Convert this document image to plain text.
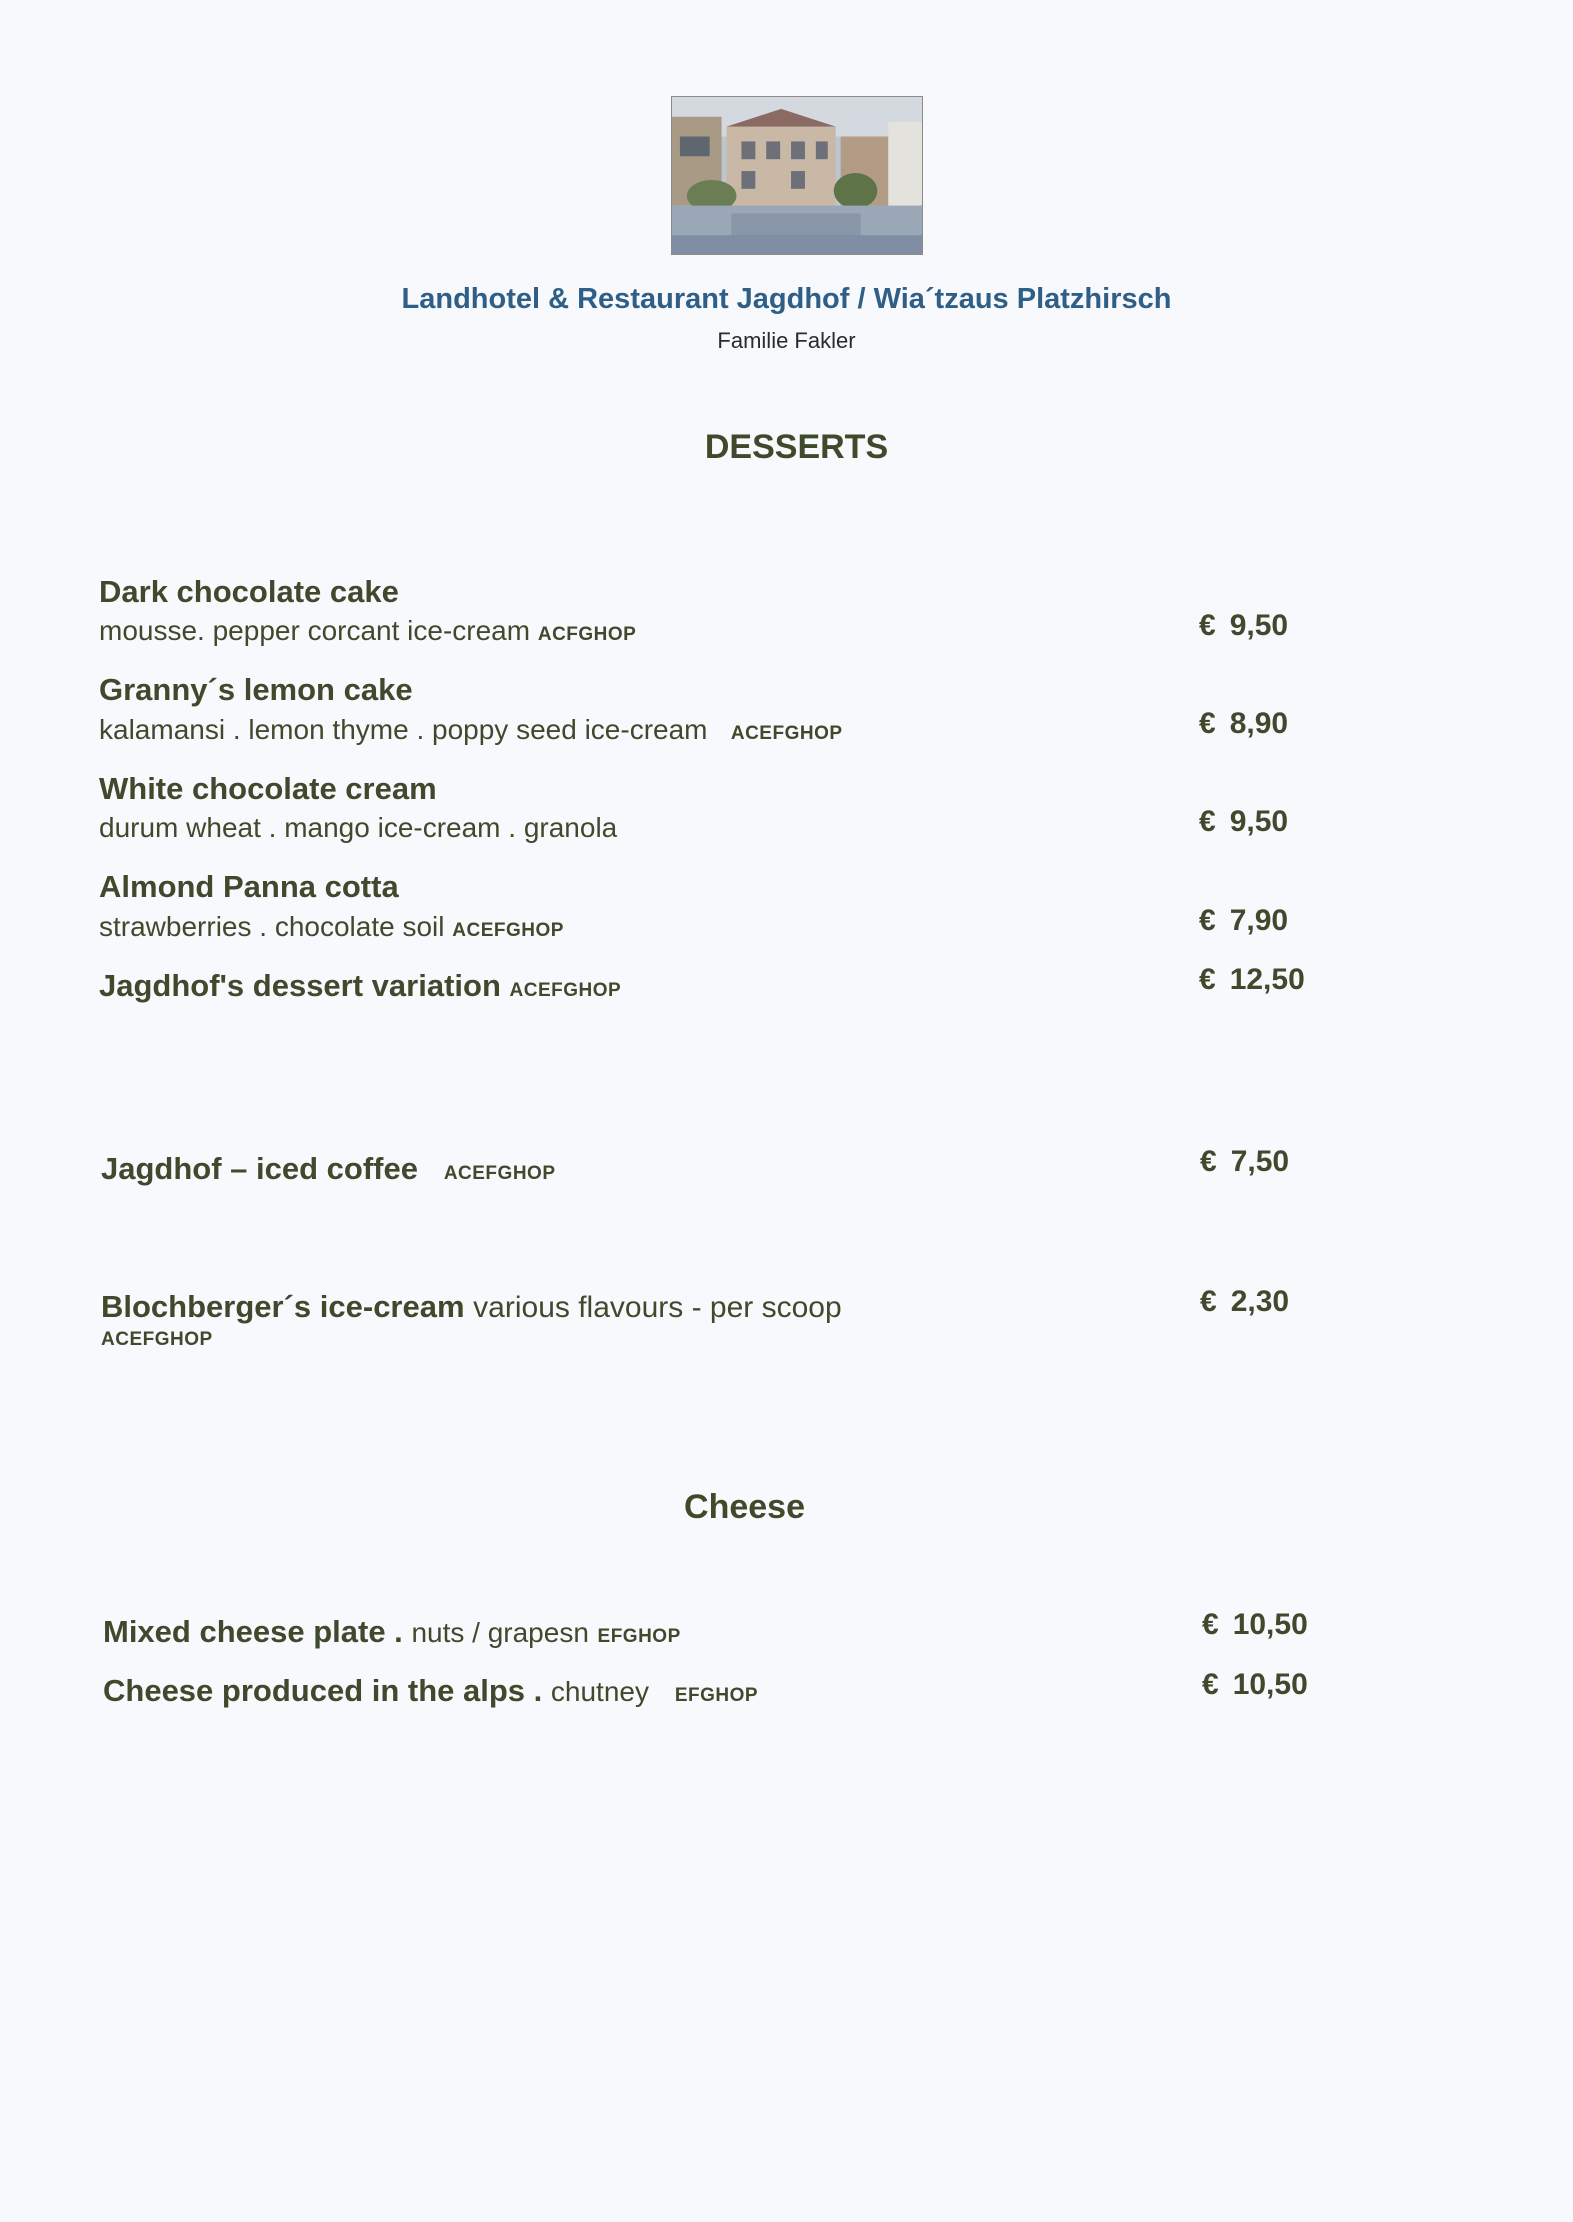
Landhotel & Restaurant Jagdhof / Wia´tzaus Platzhirsch
Familie Fakler
DESSERTS
Dark chocolate cake
mousse. pepper corcant ice-cream ACFGHOP	€ 9,50
Granny´s lemon cake
kalamansi . lemon thyme . poppy seed ice-cream ACEFGHOP	€ 8,90
White chocolate cream
durum wheat . mango ice-cream . granola	€ 9,50
Almond Panna cotta
strawberries . chocolate soil ACEFGHOP	€ 7,90
Jagdhof's dessert variation ACEFGHOP	€ 12,50
Jagdhof – iced coffee ACEFGHOP	€ 7,50
Blochberger´s ice-cream various flavours - per scoop
ACEFGHOP
€ 2,30
Cheese
Mixed cheese plate . nuts / grapesn EFGHOP	€ 10,50
Cheese produced in the alps . chutney EFGHOP	€ 10,50
